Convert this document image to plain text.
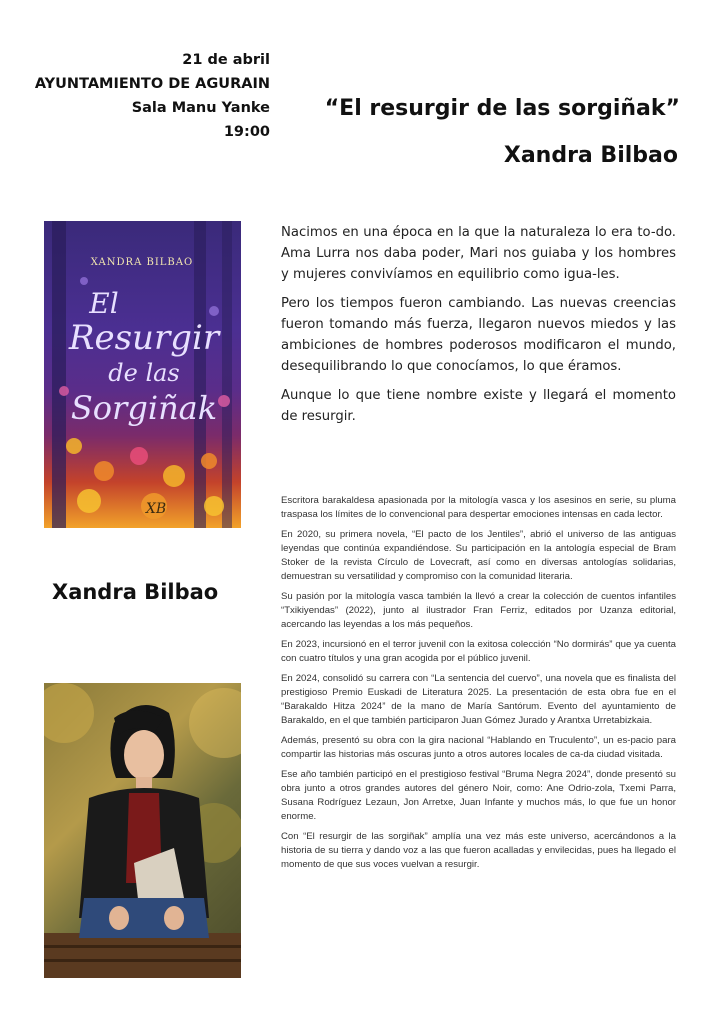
21 de abril
AYUNTAMIENTO DE AGURAIN
Sala Manu Yanke
19:00
“El resurgir de las sorgiñak”
Xandra Bilbao
XANDRA BILBAO
El
Resurgir
de las
Sorgiñak
XB

Nacimos en una época en la que la naturaleza lo era to-do. Ama Lurra nos daba poder, Mari nos guiaba y los hombres y mujeres convivíamos en equilibrio como igua-les.

Pero los tiempos fueron cambiando. Las nuevas creencias fueron tomando más fuerza, llegaron nuevos miedos y las ambiciones de hombres poderosos modificaron el mundo, desequilibrando lo que conocíamos, lo que éramos.

Aunque lo que tiene nombre existe y llegará el momento de resurgir.

Xandra Bilbao

Escritora barakaldesa apasionada por la mitología vasca y los asesinos en serie, su pluma traspasa los límites de lo convencional para despertar emociones intensas en cada lector.

En 2020, su primera novela, “El pacto de los Jentiles”, abrió el universo de las antiguas leyendas que continúa expandiéndose. Su participación en la antología especial de Bram Stoker de la revista Círculo de Lovecraft, así como en diversas antologías solidarias, demuestran su versatilidad y compromiso con la comunidad literaria.

Su pasión por la mitología vasca también la llevó a crear la colección de cuentos infantiles “Txikiyendas” (2022), junto al ilustrador Fran Ferriz, editados por Uzanza editorial, acercando las leyendas a los más pequeños.

En 2023, incursionó en el terror juvenil con la exitosa colección “No dormirás” que ya cuenta con cuatro títulos y una gran acogida por el público juvenil.

En 2024, consolidó su carrera con “La sentencia del cuervo”, una novela que es finalista del prestigioso Premio Euskadi de Literatura 2025. La presentación de esta obra fue en el “Barakaldo Hitza 2024” de la mano de María Santórum. Evento del ayuntamiento de Barakaldo, en el que también participaron Juan Gómez Jurado y Arantxa Urretabizkaia.

Además, presentó su obra con la gira nacional “Hablando en Truculento”, un es-pacio para compartir las historias más oscuras junto a otros autores locales de ca-da ciudad visitada.

Ese año también participó en el prestigioso festival “Bruma Negra 2024”, donde presentó su obra junto a otros grandes autores del género Noir, como: Ane Odrio-zola, Txemi Parra, Susana Rodríguez Lezaun, Jon Arretxe, Juan Infante y muchos más, lo que fue un honor enorme.

Con “El resurgir de las sorgiñak” amplía una vez más este universo, acercándonos a la historia de su tierra y dando voz a las que fueron acalladas y envilecidas, pues ha llegado el momento de que sus voces vuelvan a resurgir.
